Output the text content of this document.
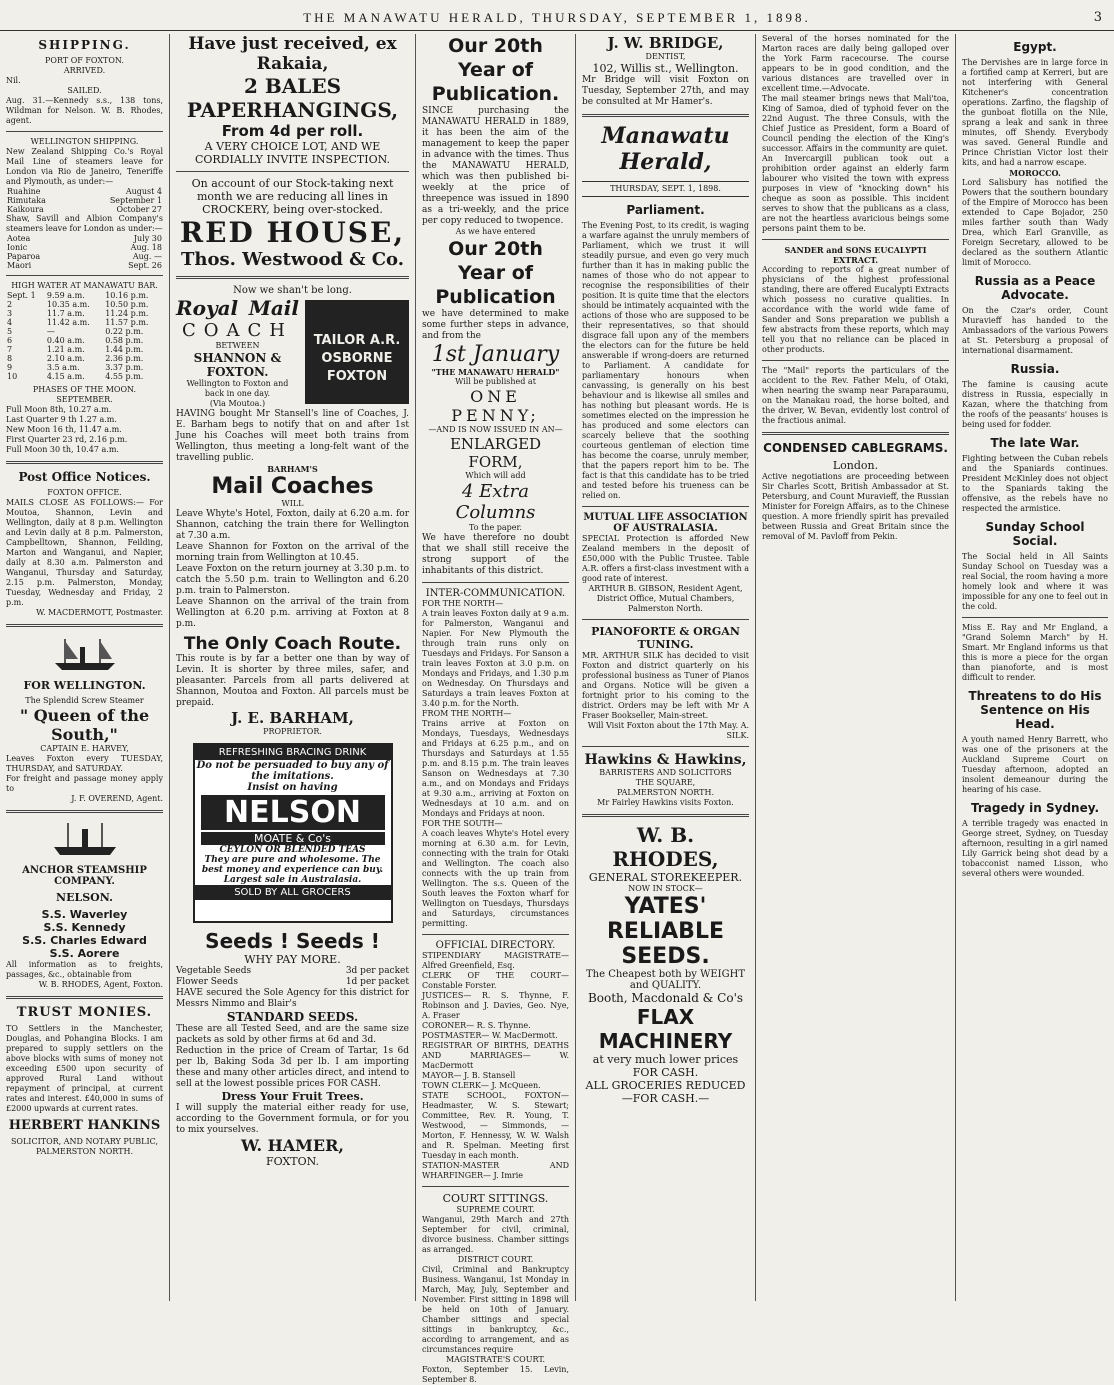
THE MANAWATU HERALD, THURSDAY, SEPTEMBER 1, 1898.	3
SHIPPING.
PORT OF FOXTON.
ARRIVED.
Nil.
SAILED.
Aug. 31.—Kennedy s.s., 138 tons, Wildman for Nelson. W. B. Rhodes, agent.
WELLINGTON SHIPPING.
New Zealand Shipping Co.'s Royal Mail Line of steamers leave for London via Rio de Janeiro, Teneriffe and Plymouth, as under:—
Ruahine	August 4
Rimutaka	September 1
Kaikoura	October 27
Shaw, Savill and Albion Company's steamers leave for London as under:—
Aotea	July 30
Ionic	Aug. 18
Paparoa	Aug. —
Maori	Sept. 26
HIGH WATER AT MANAWATU BAR.
Sept. 1	9.59 a.m.	10.16 p.m.
2	10.35 a.m.	10.50 p.m.
3	11.7 a.m.	11.24 p.m.
4	11.42 a.m.	11.57 p.m.
5	—	0.22 p.m.
6	0.40 a.m.	0.58 p.m.
7	1.21 a.m.	1.44 p.m.
8	2.10 a.m.	2.36 p.m.
9	3.5 a.m.	3.37 p.m.
10	4.15 a.m.	4.55 p.m.
PHASES OF THE MOON.
SEPTEMBER.
Full Moon 8th, 10.27 a.m.
Last Quarter 9 th 1.27 a.m.
New Moon 16 th, 11.47 a.m.
First Quarter 23 rd, 2.16 p.m.
Full Moon 30 th, 10.47 a.m.
Post Office Notices.
FOXTON OFFICE.
MAILS CLOSE AS FOLLOWS:— For Moutoa, Shannon, Levin and Wellington, daily at 8 p.m. Wellington and Levin daily at 8 p.m. Palmerston, Campbelltown, Shannon, Feilding, Marton and Wanganui, and Napier, daily at 8.30 a.m. Palmerston and Wanganui, Thursday and Saturday, 2.15 p.m. Palmerston, Monday, Tuesday, Wednesday and Friday, 2 p.m.
W. MACDERMOTT, Postmaster.
FOR WELLINGTON.
The Splendid Screw Steamer
" Queen of the South,"
CAPTAIN E. HARVEY,
Leaves Foxton every TUESDAY, THURSDAY, and SATURDAY.
For freight and passage money apply to
J. F. OVEREND, Agent.
ANCHOR STEAMSHIP COMPANY.
NELSON.
S.S. Waverley
S.S. Kennedy
S.S. Charles Edward
S.S. Aorere
All information as to freights, passages, &c., obtainable from
W. B. RHODES, Agent, Foxton.
TRUST MONIES.
TO Settlers in the Manchester, Douglas, and Pohangina Blocks. I am prepared to supply settlers on the above blocks with sums of money not exceeding £500 upon security of approved Rural Land without repayment of principal, at current rates and interest. £40,000 in sums of £2000 upwards at current rates.
HERBERT HANKINS
SOLICITOR, AND NOTARY PUBLIC, PALMERSTON NORTH.
Have just received, ex Rakaia,
2 BALES PAPERHANGINGS,
From 4d per roll.
A VERY CHOICE LOT, AND WE CORDIALLY INVITE INSPECTION.
On account of our Stock-taking next month we are reducing all lines in CROCKERY, being over-stocked.
RED HOUSE,
Thos. Westwood & Co.
Now we shan't be long.
Royal Mail
COACH
BETWEEN
SHANNON & FOXTON.
Wellington to Foxton and back in one day.
(Via Moutoa.)
TAILOR A.R. OSBORNE FOXTON
HAVING bought Mr Stansell's line of Coaches, J. E. Barham begs to notify that on and after 1st June his Coaches will meet both trains from Wellington, thus meeting a long-felt want of the travelling public.
BARHAM'S
Mail Coaches
WILL
Leave Whyte's Hotel, Foxton, daily at 6.20 a.m. for Shannon, catching the train there for Wellington at 7.30 a.m.
Leave Shannon for Foxton on the arrival of the morning train from Wellington at 10.45.
Leave Foxton on the return journey at 3.30 p.m. to catch the 5.50 p.m. train to Wellington and 6.20 p.m. train to Palmerston.
Leave Shannon on the arrival of the train from Wellington at 6.20 p.m. arriving at Foxton at 8 p.m.
The Only Coach Route.
This route is by far a better one than by way of Levin. It is shorter by three miles, safer, and pleasanter. Parcels from all parts delivered at Shannon, Moutoa and Foxton. All parcels must be prepaid.
J. E. BARHAM,
PROPRIETOR.
REFRESHING BRACING DRINK
Do not be persuaded to buy any of the imitations.
Insist on having
NELSON
MOATE & Co's
CEYLON OR BLENDED TEAS
They are pure and wholesome. The best money and experience can buy.
Largest sale in Australasia.
SOLD BY ALL GROCERS
Seeds ! Seeds !
WHY PAY MORE.
Vegetable Seeds	3d per packet
Flower Seeds	1d per packet
HAVE secured the Sole Agency for this district for Messrs Nimmo and Blair's
STANDARD SEEDS.
These are all Tested Seed, and are the same size packets as sold by other firms at 6d and 3d.
Reduction in the price of Cream of Tartar, 1s 6d per lb, Baking Soda 3d per lb. I am importing these and many other articles direct, and intend to sell at the lowest possible prices FOR CASH.
Dress Your Fruit Trees.
I will supply the material either ready for use, according to the Government formula, or for you to mix yourselves.
W. HAMER,
FOXTON.
Our 20th Year of Publication.
SINCE purchasing the MANAWATU HERALD in 1889, it has been the aim of the management to keep the paper in advance with the times. Thus the MANAWATU HERALD, which was then published bi-weekly at the price of threepence was issued in 1890 as a tri-weekly, and the price per copy reduced to twopence.
As we have entered
Our 20th Year of Publication
we have determined to make some further steps in advance, and from the
1st January
"THE MANAWATU HERALD"
Will be published at
ONE PENNY;
—AND IS NOW ISSUED IN AN—
ENLARGED FORM,
Which will add
4 Extra Columns
To the paper.
We have therefore no doubt that we shall still receive the strong support of the inhabitants of this district.
INTER-COMMUNICATION.
FOR THE NORTH—
A train leaves Foxton daily at 9 a.m. for Palmerston, Wanganui and Napier. For New Plymouth the through train runs only on Tuesdays and Fridays. For Sanson a train leaves Foxton at 3.0 p.m. on Mondays and Fridays, and 1.30 p.m on Wednesday. On Thursdays and Saturdays a train leaves Foxton at 3.40 p.m. for the North.
FROM THE NORTH—
Trains arrive at Foxton on Mondays, Tuesdays, Wednesdays and Fridays at 6.25 p.m., and on Thursdays and Saturdays at 1.55 p.m. and 8.15 p.m. The train leaves Sanson on Wednesdays at 7.30 a.m., and on Mondays and Fridays at 9.30 a.m., arriving at Foxton on Wednesdays at 10 a.m. and on Mondays and Fridays at noon.
FOR THE SOUTH—
A coach leaves Whyte's Hotel every morning at 6.30 a.m. for Levin, connecting with the train for Otaki and Wellington. The coach also connects with the up train from Wellington. The s.s. Queen of the South leaves the Foxton wharf for Wellington on Tuesdays, Thursdays and Saturdays, circumstances permitting.
OFFICIAL DIRECTORY.
STIPENDIARY MAGISTRATE— Alfred Greenfield, Esq.
CLERK OF THE COURT— Constable Forster.
JUSTICES— R. S. Thynne, F. Robinson and J. Davies, Geo. Nye, A. Fraser
CORONER— R. S. Thynne.
POSTMASTER— W. MacDermott.
REGISTRAR OF BIRTHS, DEATHS AND MARRIAGES— W. MacDermott
MAYOR— J. B. Stansell
TOWN CLERK— J. McQueen.
STATE SCHOOL, FOXTON— Headmaster, W. S. Stewart; Committee, Rev. R. Young, T. Westwood, — Simmonds, — Morton, F. Hennessy, W. W. Walsh and R. Spelman. Meeting first Tuesday in each month.
STATION-MASTER AND WHARFINGER— J. Imrie
COURT SITTINGS.
SUPREME COURT.
Wanganui, 29th March and 27th September for civil, criminal, divorce business. Chamber sittings as arranged.
DISTRICT COURT.
Civil, Criminal and Bankruptcy Business. Wanganui, 1st Monday in March, May, July, September and November. First sitting in 1898 will be held on 10th of January. Chamber sittings and special sittings in bankruptcy, &c., according to arrangement, and as circumstances require
MAGISTRATE'S COURT.
Foxton, September 15. Levin, September 8.
J. W. BRIDGE,
DENTIST,
102, Willis st., Wellington.
Mr Bridge will visit Foxton on Tuesday, September 27th, and may be consulted at Mr Hamer's.
Manawatu Herald,
THURSDAY, SEPT. 1, 1898.
Parliament.
The Evening Post, to its credit, is waging a warfare against the unruly members of Parliament, which we trust it will steadily pursue, and even go very much further than it has in making public the names of those who do not appear to recognise the responsibilities of their position. It is quite time that the electors should be intimately acquainted with the actions of those who are supposed to be their representatives, so that should disgrace fall upon any of the members the electors can for the future be held answerable if wrong-doers are returned to Parliament. A candidate for parliamentary honours when canvassing, is generally on his best behaviour and is likewise all smiles and has nothing but pleasant words. He is sometimes elected on the impression he has produced and some electors can scarcely believe that the soothing courteous gentleman of election time has become the coarse, unruly member, that the papers report him to be. The fact is that this candidate has to be tried and tested before his trueness can be relied on.
MUTUAL LIFE ASSOCIATION OF AUSTRALASIA.
SPECIAL Protection is afforded New Zealand members in the deposit of £50,000 with the Public Trustee. Table A.R. offers a first-class investment with a good rate of interest.
ARTHUR B. GIBSON, Resident Agent, District Office, Mutual Chambers, Palmerston North.
PIANOFORTE & ORGAN TUNING.
MR. ARTHUR SILK has decided to visit Foxton and district quarterly on his professional business as Tuner of Pianos and Organs. Notice will be given a fortnight prior to his coming to the district. Orders may be left with Mr A Fraser Bookseller, Main-street.
Will Visit Foxton about the 17th May. A. SILK.
Hawkins & Hawkins,
BARRISTERS AND SOLICITORS
THE SQUARE,
PALMERSTON NORTH.
Mr Fairley Hawkins visits Foxton.
W. B. RHODES,
GENERAL STOREKEEPER.
NOW IN STOCK—
YATES' RELIABLE SEEDS.
The Cheapest both by WEIGHT and QUALITY.
Booth, Macdonald & Co's
FLAX MACHINERY
at very much lower prices FOR CASH.
ALL GROCERIES REDUCED —FOR CASH.—
Several of the horses nominated for the Marton races are daily being galloped over the York Farm racecourse. The course appears to be in good condition, and the various distances are travelled over in excellent time.—Advocate.
The mail steamer brings news that Mali'toa, King of Samoa, died of typhoid fever on the 22nd August. The three Consuls, with the Chief Justice as President, form a Board of Council pending the election of the King's successor. Affairs in the community are quiet.
An Invercargill publican took out a prohibition order against an elderly farm labourer who visited the town with express purposes in view of "knocking down" his cheque as soon as possible. This incident serves to show that the publicans as a class, are not the heartless avaricious beings some persons paint them to be.
SANDER and SONS EUCALYPTI EXTRACT.
According to reports of a great number of physicians of the highest professional standing, there are offered Eucalypti Extracts which possess no curative qualities. In accordance with the world wide fame of Sander and Sons preparation we publish a few abstracts from these reports, which may tell you that no reliance can be placed in other products.
The "Mail" reports the particulars of the accident to the Rev. Father Melu, of Otaki, when nearing the swamp near Paraparaumu, on the Manakau road, the horse bolted, and the driver, W. Bevan, evidently lost control of the fractious animal.
CONDENSED CABLEGRAMS.
London.
Active negotiations are proceeding between Sir Charles Scott, British Ambassador at St. Petersburg, and Count Muravieff, the Russian Minister for Foreign Affairs, as to the Chinese question. A more friendly spirit has prevailed between Russia and Great Britain since the removal of M. Pavloff from Pekin.
Egypt.
The Dervishes are in large force in a fortified camp at Kerreri, but are not interfering with General Kitchener's concentration operations. Zarfino, the flagship of the gunboat flotilla on the Nile, sprang a leak and sank in three minutes, off Shendy. Everybody was saved. General Rundle and Prince Christian Victor lost their kits, and had a narrow escape.
MOROCCO.
Lord Salisbury has notified the Powers that the southern boundary of the Empire of Morocco has been extended to Cape Bojador, 250 miles farther south than Wady Drea, which Earl Granville, as Foreign Secretary, allowed to be declared as the southern Atlantic limit of Morocco.
Russia as a Peace Advocate.
On the Czar's order, Count Muravieff has handed to the Ambassadors of the various Powers at St. Petersburg a proposal of international disarmament.
Russia.
The famine is causing acute distress in Russia, especially in Kazan, where the thatching from the roofs of the peasants' houses is being used for fodder.
The late War.
Fighting between the Cuban rebels and the Spaniards continues. President McKinley does not object to the Spaniards taking the offensive, as the rebels have no respected the armistice.
Sunday School Social.
The Social held in All Saints Sunday School on Tuesday was a real Social, the room having a more homely look and where it was impossible for any one to feel out in the cold.
Miss E. Ray and Mr England, a "Grand Solemn March" by H. Smart. Mr England informs us that this is more a piece for the organ than pianoforte, and is most difficult to render.
Threatens to do His Sentence on His Head.
A youth named Henry Barrett, who was one of the prisoners at the Auckland Supreme Court on Tuesday afternoon, adopted an insolent demeanour during the hearing of his case.
Tragedy in Sydney.
A terrible tragedy was enacted in George street, Sydney, on Tuesday afternoon, resulting in a girl named Lily Garrick being shot dead by a tobacconist named Lisson, who several others were wounded.
